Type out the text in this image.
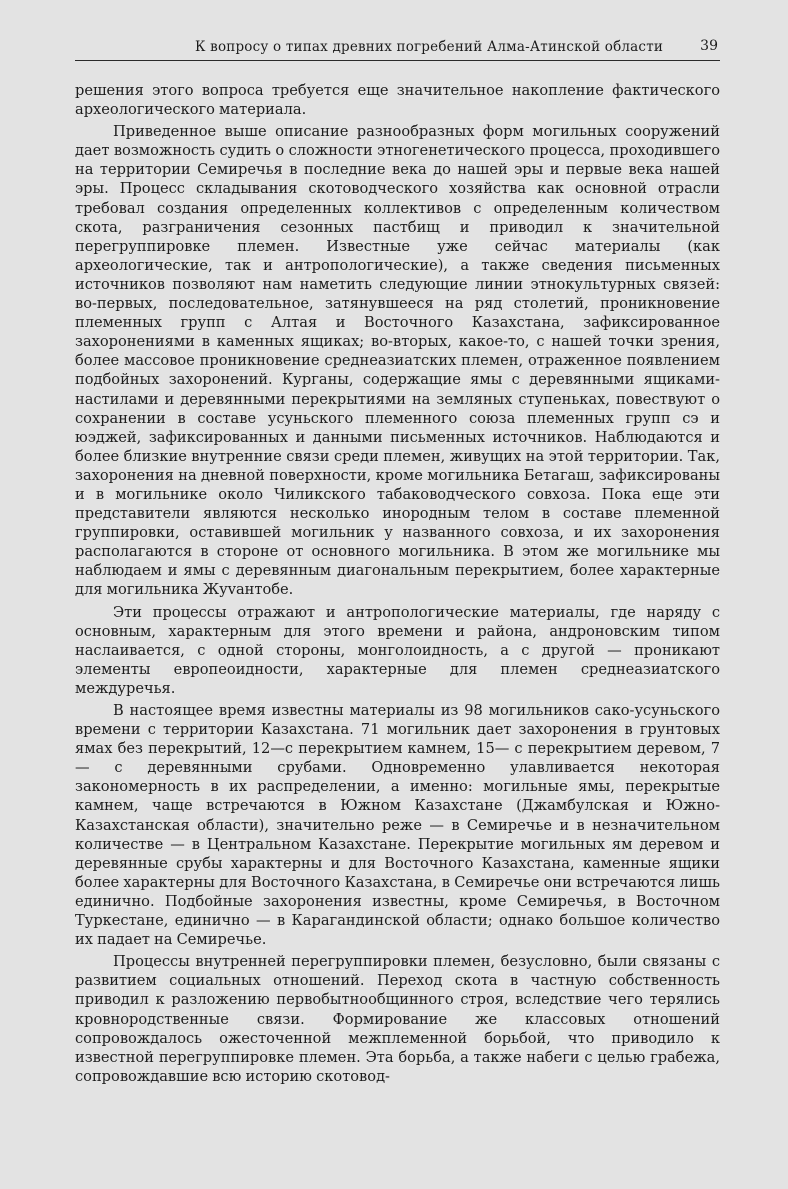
К вопросу о типах древних погребений Алма-Атинской области	39

решения этого вопроса требуется еще значительное накопление фактического археологического материала.

Приведенное выше описание разнообразных форм могильных сооружений дает возможность судить о сложности этногенетического процесса, проходившего на территории Семиречья в последние века до нашей эры и первые века нашей эры. Процесс складывания скотоводческого хозяйства как основной отрасли требовал создания определенных коллективов с определенным количеством скота, разграничения сезонных пастбищ и приводил к значительной перегруппировке племен. Известные уже сейчас материалы (как археологические, так и антропологические), а также сведения письменных источников позволяют нам наметить следующие линии этнокультурных связей: во-первых, последовательное, затянувшееся на ряд столетий, проникновение племенных групп с Алтая и Восточного Казахстана, зафиксированное захоронениями в каменных ящиках; во-вторых, какое-то, с нашей точки зрения, более массовое проникновение среднеазиатских племен, отраженное появлением подбойных захоронений. Курганы, содержащие ямы с деревянными ящиками-настилами и деревянными перекрытиями на земляных ступеньках, повествуют о сохранении в составе усуньского племенного союза племенных групп сэ и юэджей, зафиксированных и данными письменных источников. Наблюдаются и более близкие внутренние связи среди племен, живущих на этой территории. Так, захоронения на дневной поверхности, кроме могильника Бетагаш, зафиксированы и в могильнике около Чиликского табаководческого совхоза. Пока еще эти представители являются несколько инородным телом в составе племенной группировки, оставившей могильник у названного совхоза, и их захоронения располагаются в стороне от основного могильника. В этом же могильнике мы наблюдаем и ямы с деревянным диагональным перекрытием, более характерные для могильника Жуvантобе.

Эти процессы отражают и антропологические материалы, где наряду с основным, характерным для этого времени и района, андроновским типом наслаивается, с одной стороны, монголоидность, а с другой — проникают элементы европеоидности, характерные для племен среднеазиатского междуречья.

В настоящее время известны материалы из 98 могильников сако-усуньского времени с территории Казахстана. 71 могильник дает захоронения в грунтовых ямах без перекрытий, 12—с перекрытием камнем, 15— с перекрытием деревом, 7— с деревянными срубами. Одновременно улавливается некоторая закономерность в их распределении, а именно: могильные ямы, перекрытые камнем, чаще встречаются в Южном Казахстане (Джамбулская и Южно-Казахстанская области), значительно реже — в Семиречье и в незначительном количестве — в Центральном Казахстане. Перекрытие могильных ям деревом и деревянные срубы характерны и для Восточного Казахстана, каменные ящики более характерны для Восточного Казахстана, в Семиречье они встречаются лишь единично. Подбойные захоронения известны, кроме Семиречья, в Восточном Туркестане, единично — в Карагандинской области; однако большое количество их падает на Семиречье.

Процессы внутренней перегруппировки племен, безусловно, были связаны с развитием социальных отношений. Переход скота в частную собственность приводил к разложению первобытнообщинного строя, вследствие чего терялись кровнородственные связи. Формирование же классовых отношений сопровождалось ожесточенной межплеменной борьбой, что приводило к известной перегруппировке племен. Эта борьба, а также набеги с целью грабежа, сопровождавшие всю историю скотовод-
